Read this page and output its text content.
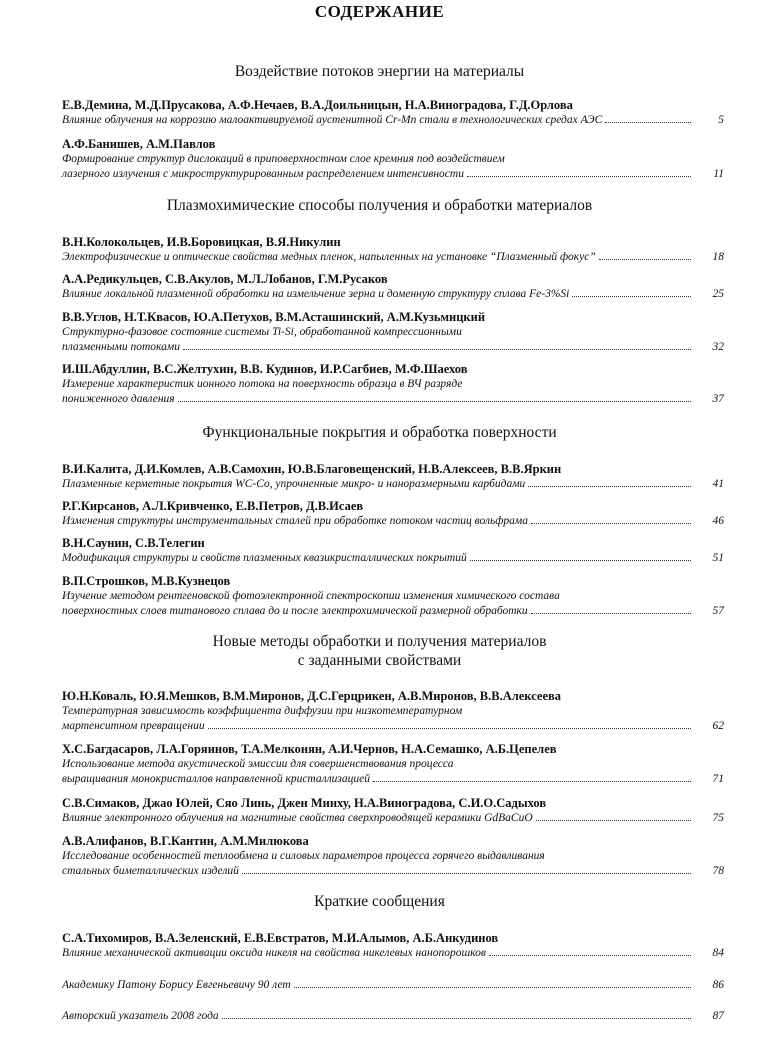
СОДЕРЖАНИЕ
Воздействие потоков энергии на материалы
Е.В.Демина, М.Д.Прусакова, А.Ф.Нечаев, В.А.Доильницын, Н.А.Виноградова, Г.Д.Орлова
Влияние облучения на коррозию малоактивируемой аустенитной Cr-Mn стали в технологических средах АЭС	5
А.Ф.Банишев, А.М.Павлов
Формирование структур дислокаций в приповерхностном слое кремния под воздействием
лазерного излучения с микроструктурированным распределением интенсивности	11
Плазмохимические способы получения и обработки материалов
В.Н.Колокольцев, И.В.Боровицкая, В.Я.Никулин
Электрофизические и оптические свойства медных пленок, напыленных на установке “Плазменный фокус”	18
А.А.Редикульцев, С.В.Акулов, М.Л.Лобанов, Г.М.Русаков
Влияние локальной плазменной обработки на измельчение зерна и доменную структуру сплава Fe-3%Si	25
В.В.Углов, Н.Т.Квасов, Ю.А.Петухов, В.М.Асташинский, А.М.Кузьмицкий
Структурно-фазовое состояние системы Ti-Si, обработанной компрессионными
плазменными потоками	32
И.Ш.Абдуллин, В.С.Желтухин, В.В. Кудинов, И.Р.Сагбиев, М.Ф.Шаехов
Измерение характеристик ионного потока на поверхность образца в ВЧ разряде
пониженного давления	37
Функциональные покрытия и обработка поверхности
В.И.Калита, Д.И.Комлев, А.В.Самохин, Ю.В.Благовещенский, Н.В.Алексеев, В.В.Яркин
Плазменные керметные покрытия WC-Co, упрочненные микро- и наноразмерными карбидами	41
Р.Г.Кирсанов, А.Л.Кривченко, Е.В.Петров, Д.В.Исаев
Изменения структуры инструментальных сталей при обработке потоком частиц вольфрама	46
В.Н.Саунин, С.В.Телегин
Модификация структуры и свойств плазменных квазикристаллических покрытий	51
В.П.Строшков, М.В.Кузнецов
Изучение методом рентгеновской фотоэлектронной спектроскопии изменения химического состава
поверхностных слоев титанового сплава до и после электрохимической размерной обработки	57
Новые методы обработки и получения материалов
с заданными свойствами
Ю.Н.Коваль, Ю.Я.Мешков, В.М.Миронов, Д.С.Герцрикен, А.В.Миронов, В.В.Алексеева
Температурная зависимость коэффициента диффузии при низкотемпературном
мартенситном превращении	62
Х.С.Багдасаров, Л.А.Горяинов, Т.А.Мелконян, А.И.Чернов, Н.А.Семашко, А.Б.Цепелев
Использование метода акустической эмиссии для совершенствования процесса
выращивания монокристаллов направленной кристаллизацией	71
С.В.Симаков, Джао Юлей, Сяо Линь, Джен Минху, Н.А.Виноградова, С.И.О.Садыхов
Влияние электронного облучения на магнитные свойства сверхпроводящей керамики GdBaCuO	75
А.В.Алифанов, В.Г.Кантин, А.М.Милюкова
Исследование особенностей теплообмена и силовых параметров процесса горячего выдавливания
стальных биметаллических изделий	78
Краткие сообщения
С.А.Тихомиров, В.А.Зеленский, Е.В.Евстратов, М.И.Алымов, А.Б.Анкудинов
Влияние механической активации оксида никеля на свойства никелевых нанопорошков	84
Академику Патону Борису Евгеньевичу 90 лет	86
Авторский указатель 2008 года	87
